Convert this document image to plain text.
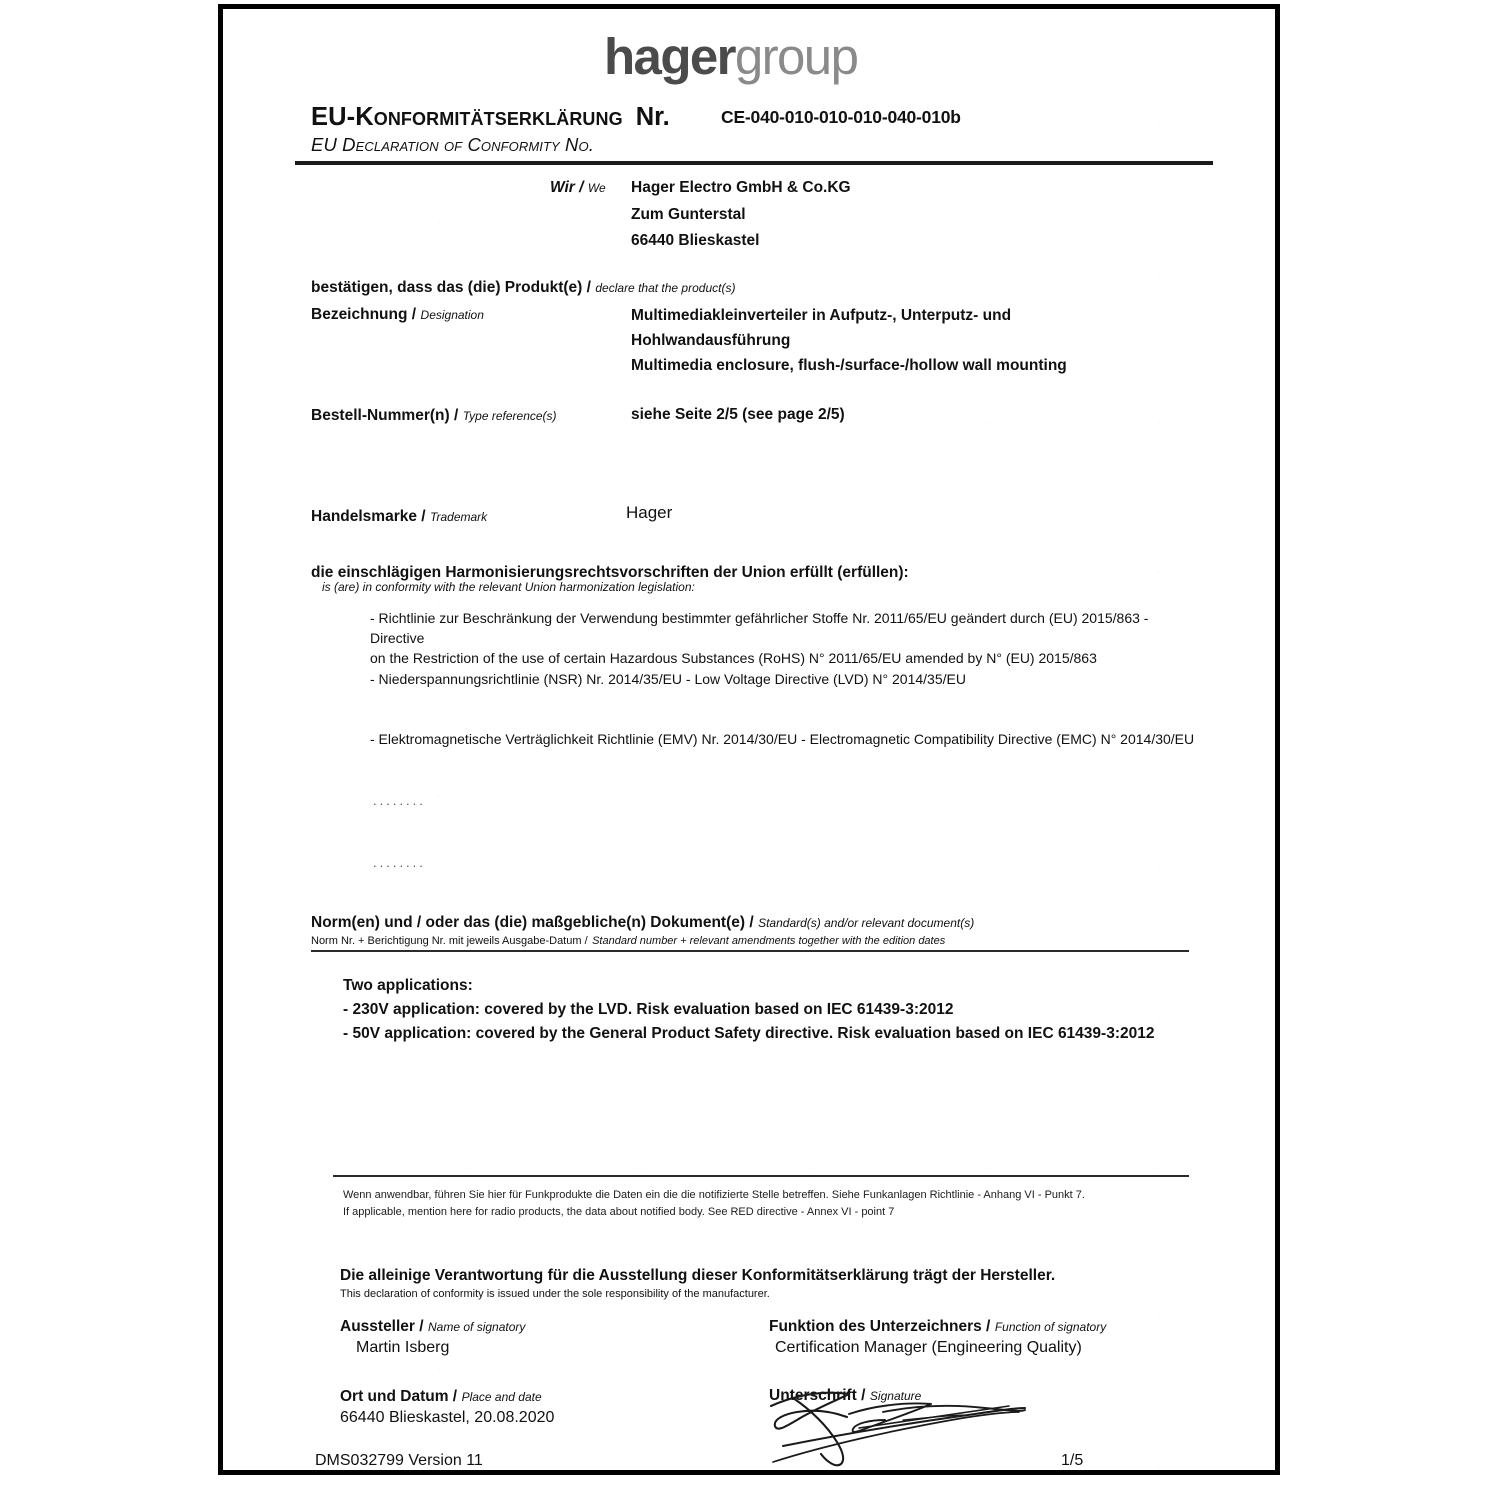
hagergroup
EU-Konformitätserklärung Nr.	CE-040-010-010-010-040-010b
EU Declaration of Conformity No.
Wir / We Hager Electro GmbH & Co.KG
Zum Gunterstal
66440 Blieskastel
bestätigen, dass das (die) Produkt(e) / declare that the product(s)
Bezeichnung / Designation	Multimediakleinverteiler in Aufputz-, Unterputz- und
Hohlwandausführung
Multimedia enclosure, flush-/surface-/hollow wall mounting
Bestell-Nummer(n) / Type reference(s)	siehe Seite 2/5 (see page 2/5)
Handelsmarke / Trademark	Hager
die einschlägigen Harmonisierungsrechtsvorschriften der Union erfüllt (erfüllen):
is (are) in conformity with the relevant Union harmonization legislation:
- Richtlinie zur Beschränkung der Verwendung bestimmter gefährlicher Stoffe Nr. 2011/65/EU geändert durch (EU) 2015/863 - Directive
on the Restriction of the use of certain Hazardous Substances (RoHS) N° 2011/65/EU amended by N° (EU) 2015/863
- Niederspannungsrichtlinie (NSR) Nr. 2014/35/EU - Low Voltage Directive (LVD) N° 2014/35/EU
- Elektromagnetische Verträglichkeit Richtlinie (EMV) Nr. 2014/30/EU - Electromagnetic Compatibility Directive (EMC) N° 2014/30/EU
........
........
Norm(en) und / oder das (die) maßgebliche(n) Dokument(e) / Standard(s) and/or relevant document(s)
Norm Nr. + Berichtigung Nr. mit jeweils Ausgabe-Datum / Standard number + relevant amendments together with the edition dates
Two applications:
- 230V application: covered by the LVD. Risk evaluation based on IEC 61439-3:2012
- 50V application: covered by the General Product Safety directive. Risk evaluation based on IEC 61439-3:2012
Wenn anwendbar, führen Sie hier für Funkprodukte die Daten ein die die notifizierte Stelle betreffen. Siehe Funkanlagen Richtlinie - Anhang VI - Punkt 7.
If applicable, mention here for radio products, the data about notified body. See RED directive - Annex VI - point 7
Die alleinige Verantwortung für die Ausstellung dieser Konformitätserklärung trägt der Hersteller.
This declaration of conformity is issued under the sole responsibility of the manufacturer.
Aussteller / Name of signatory
Martin Isberg
Funktion des Unterzeichners / Function of signatory
Certification Manager (Engineering Quality)
Ort und Datum / Place and date
66440 Blieskastel, 20.08.2020
Unterschrift / Signature
DMS032799 Version 11	1/5
